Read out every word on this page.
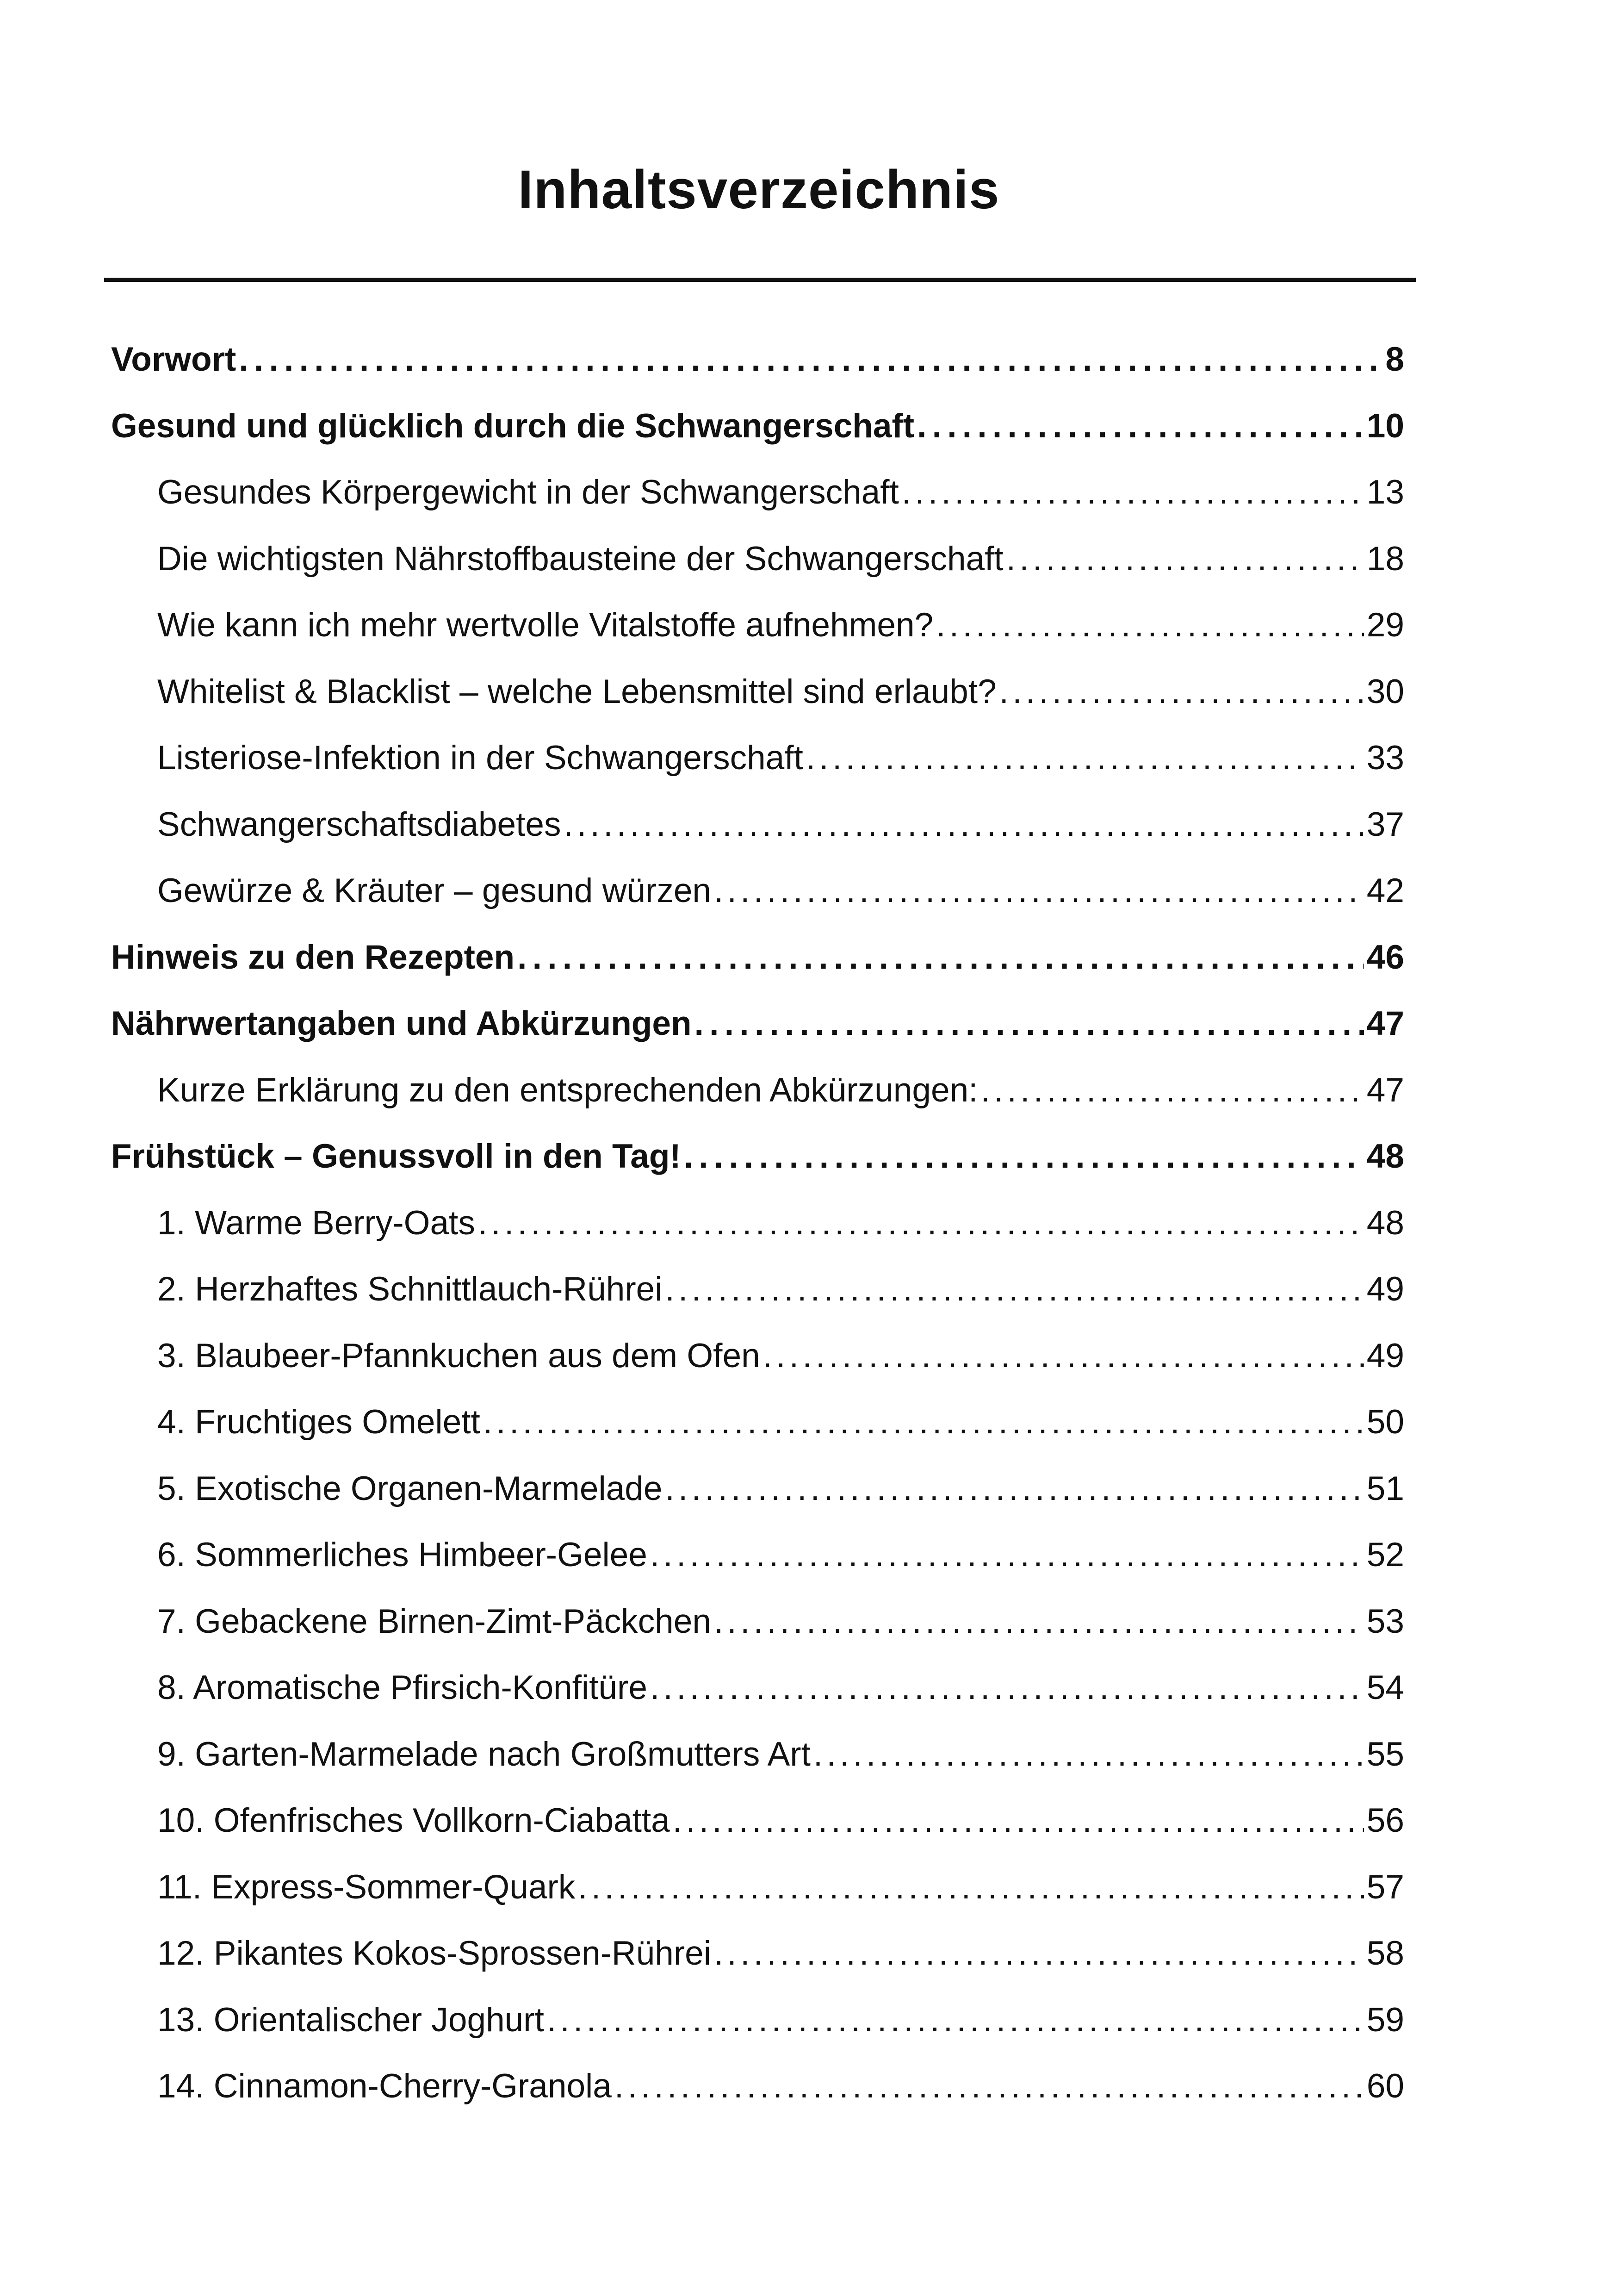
Inhaltsverzeichnis
Vorwort . . .	8
Gesund und glücklich durch die Schwangerschaft . . .	10
Gesundes Körpergewicht in der Schwangerschaft . . .	13
Die wichtigsten Nährstoffbausteine der Schwangerschaft . . .	18
Wie kann ich mehr wertvolle Vitalstoffe aufnehmen? . . .	29
Whitelist & Blacklist – welche Lebensmittel sind erlaubt? . . .	30
Listeriose-Infektion in der Schwangerschaft . . .	33
Schwangerschaftsdiabetes . . .	37
Gewürze & Kräuter – gesund würzen . . .	42
Hinweis zu den Rezepten . . .	46
Nährwertangaben und Abkürzungen . . .	47
Kurze Erklärung zu den entsprechenden Abkürzungen: . . .	47
Frühstück – Genussvoll in den Tag! . . .	48
1. Warme Berry-Oats . . .	48
2. Herzhaftes Schnittlauch-Rührei . . .	49
3. Blaubeer-Pfannkuchen aus dem Ofen . . .	49
4. Fruchtiges Omelett . . .	50
5. Exotische Organen-Marmelade . . .	51
6. Sommerliches Himbeer-Gelee . . .	52
7. Gebackene Birnen-Zimt-Päckchen . . .	53
8. Aromatische Pfirsich-Konfitüre . . .	54
9. Garten-Marmelade nach Großmutters Art . . .	55
10. Ofenfrisches Vollkorn-Ciabatta . . .	56
11. Express-Sommer-Quark . . .	57
12. Pikantes Kokos-Sprossen-Rührei . . .	58
13. Orientalischer Joghurt . . .	59
14. Cinnamon-Cherry-Granola . . .	60
